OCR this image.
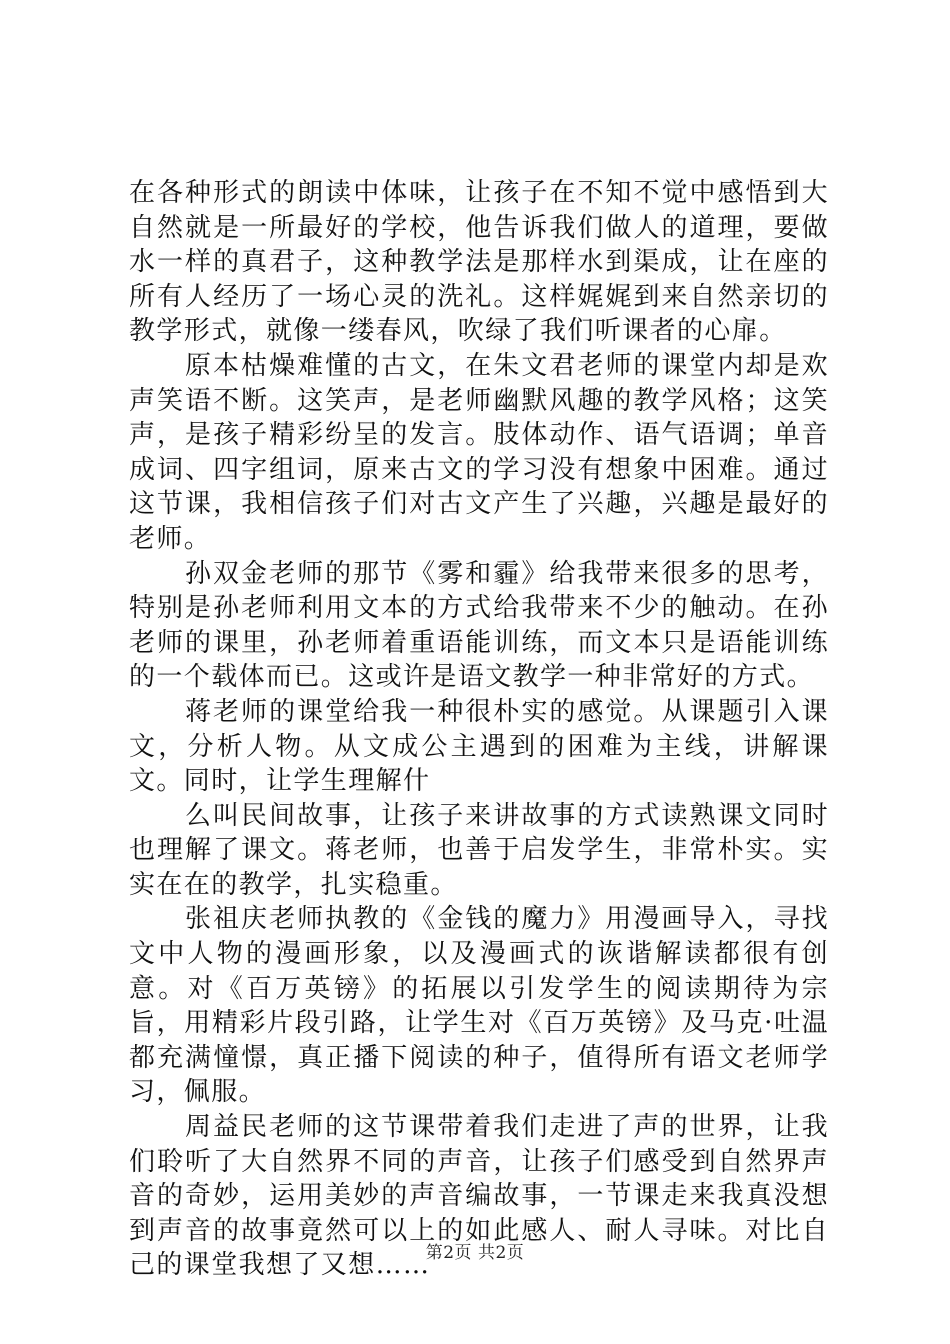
在各种形式的朗读中体味，让孩子在不知不觉中感悟到大自然就是一所最好的学校，他告诉我们做人的道理，要做水一样的真君子，这种教学法是那样水到渠成，让在座的所有人经历了一场心灵的洗礼。这样娓娓到来自然亲切的教学形式，就像一缕春风，吹绿了我们听课者的心扉。

原本枯燥难懂的古文，在朱文君老师的课堂内却是欢声笑语不断。这笑声，是老师幽默风趣的教学风格；这笑声，是孩子精彩纷呈的发言。肢体动作、语气语调；单音成词、四字组词，原来古文的学习没有想象中困难。通过这节课，我相信孩子们对古文产生了兴趣，兴趣是最好的老师。

孙双金老师的那节《雾和霾》给我带来很多的思考，特别是孙老师利用文本的方式给我带来不少的触动。在孙老师的课里，孙老师着重语能训练，而文本只是语能训练的一个载体而已。这或许是语文教学一种非常好的方式。

蒋老师的课堂给我一种很朴实的感觉。从课题引入课文，分析人物。从文成公主遇到的困难为主线，讲解课文。同时，让学生理解什

么叫民间故事，让孩子来讲故事的方式读熟课文同时也理解了课文。蒋老师，也善于启发学生，非常朴实。实实在在的教学，扎实稳重。

张祖庆老师执教的《金钱的魔力》用漫画导入，寻找文中人物的漫画形象，以及漫画式的诙谐解读都很有创意。对《百万英镑》的拓展以引发学生的阅读期待为宗旨，用精彩片段引路，让学生对《百万英镑》及马克·吐温都充满憧憬，真正播下阅读的种子，值得所有语文老师学习，佩服。

周益民老师的这节课带着我们走进了声的世界，让我们聆听了大自然界不同的声音，让孩子们感受到自然界声音的奇妙，运用美妙的声音编故事，一节课走来我真没想到声音的故事竟然可以上的如此感人、耐人寻味。对比自己的课堂我想了又想……

第2页 共2页
